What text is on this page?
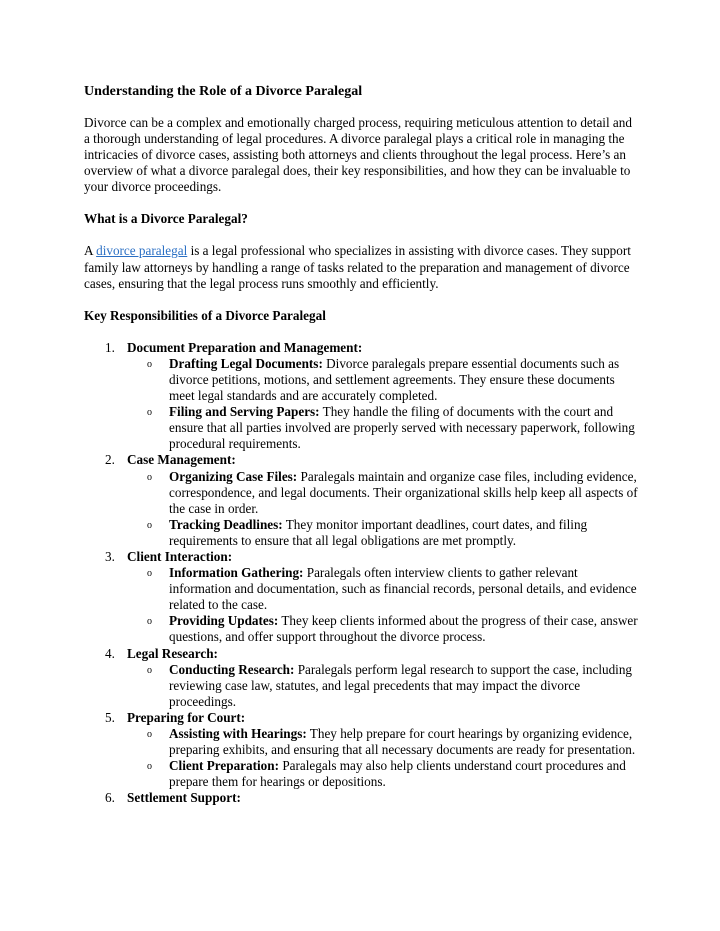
Understanding the Role of a Divorce Paralegal

Divorce can be a complex and emotionally charged process, requiring meticulous attention to detail and a thorough understanding of legal procedures. A divorce paralegal plays a critical role in managing the intricacies of divorce cases, assisting both attorneys and clients throughout the legal process. Here’s an overview of what a divorce paralegal does, their key responsibilities, and how they can be invaluable to your divorce proceedings.

What is a Divorce Paralegal?

A divorce paralegal is a legal professional who specializes in assisting with divorce cases. They support family law attorneys by handling a range of tasks related to the preparation and management of divorce cases, ensuring that the legal process runs smoothly and efficiently.

Key Responsibilities of a Divorce Paralegal
1. Document Preparation and Management:
o Drafting Legal Documents: Divorce paralegals prepare essential documents such as divorce petitions, motions, and settlement agreements. They ensure these documents meet legal standards and are accurately completed.
o Filing and Serving Papers: They handle the filing of documents with the court and ensure that all parties involved are properly served with necessary paperwork, following procedural requirements.
2. Case Management:
o Organizing Case Files: Paralegals maintain and organize case files, including evidence, correspondence, and legal documents. Their organizational skills help keep all aspects of the case in order.
o Tracking Deadlines: They monitor important deadlines, court dates, and filing requirements to ensure that all legal obligations are met promptly.
3. Client Interaction:
o Information Gathering: Paralegals often interview clients to gather relevant information and documentation, such as financial records, personal details, and evidence related to the case.
o Providing Updates: They keep clients informed about the progress of their case, answer questions, and offer support throughout the divorce process.
4. Legal Research:
o Conducting Research: Paralegals perform legal research to support the case, including reviewing case law, statutes, and legal precedents that may impact the divorce proceedings.
5. Preparing for Court:
o Assisting with Hearings: They help prepare for court hearings by organizing evidence, preparing exhibits, and ensuring that all necessary documents are ready for presentation.
o Client Preparation: Paralegals may also help clients understand court procedures and prepare them for hearings or depositions.
6. Settlement Support:
